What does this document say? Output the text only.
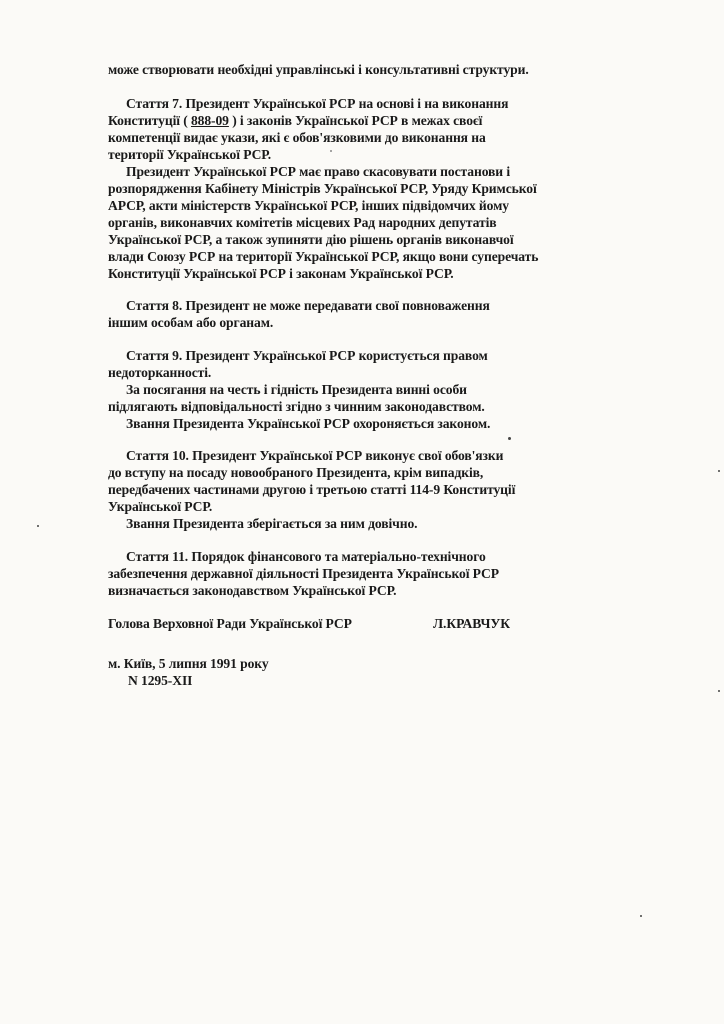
може створювати необхідні управлінські і консультативні структури.
Стаття 7. Президент Української РСР на основі і на виконання
Конституції ( 888-09 ) і законів Української РСР в межах своєї
компетенції видає укази, які є обов'язковими до виконання на
території Української РСР.
Президент Української РСР має право скасовувати постанови і
розпорядження Кабінету Міністрів Української РСР, Уряду Кримської
АРСР, акти міністерств Української РСР, інших підвідомчих йому
органів, виконавчих комітетів місцевих Рад народних депутатів
Української РСР, а також зупиняти дію рішень органів виконавчої
влади Союзу РСР на території Української РСР, якщо вони суперечать
Конституції Української РСР і законам Української РСР.
Стаття 8. Президент не може передавати свої повноваження
іншим особам або органам.
Стаття 9. Президент Української РСР користується правом
недоторканності.
За посягання на честь і гідність Президента винні особи
підлягають відповідальності згідно з чинним законодавством.
Звання Президента Української РСР охороняється законом.
Стаття 10. Президент Української РСР виконує свої обов'язки
до вступу на посаду новообраного Президента, крім випадків,
передбачених частинами другою і третьою статті 114-9 Конституції
Української РСР.
Звання Президента зберігається за ним довічно.
Стаття 11. Порядок фінансового та матеріально-технічного
забезпечення державної діяльності Президента Української РСР
визначається законодавством Української РСР.
Голова Верховної Ради Української РСР	Л.КРАВЧУК
м. Київ, 5 липня 1991 року
N 1295-XII
